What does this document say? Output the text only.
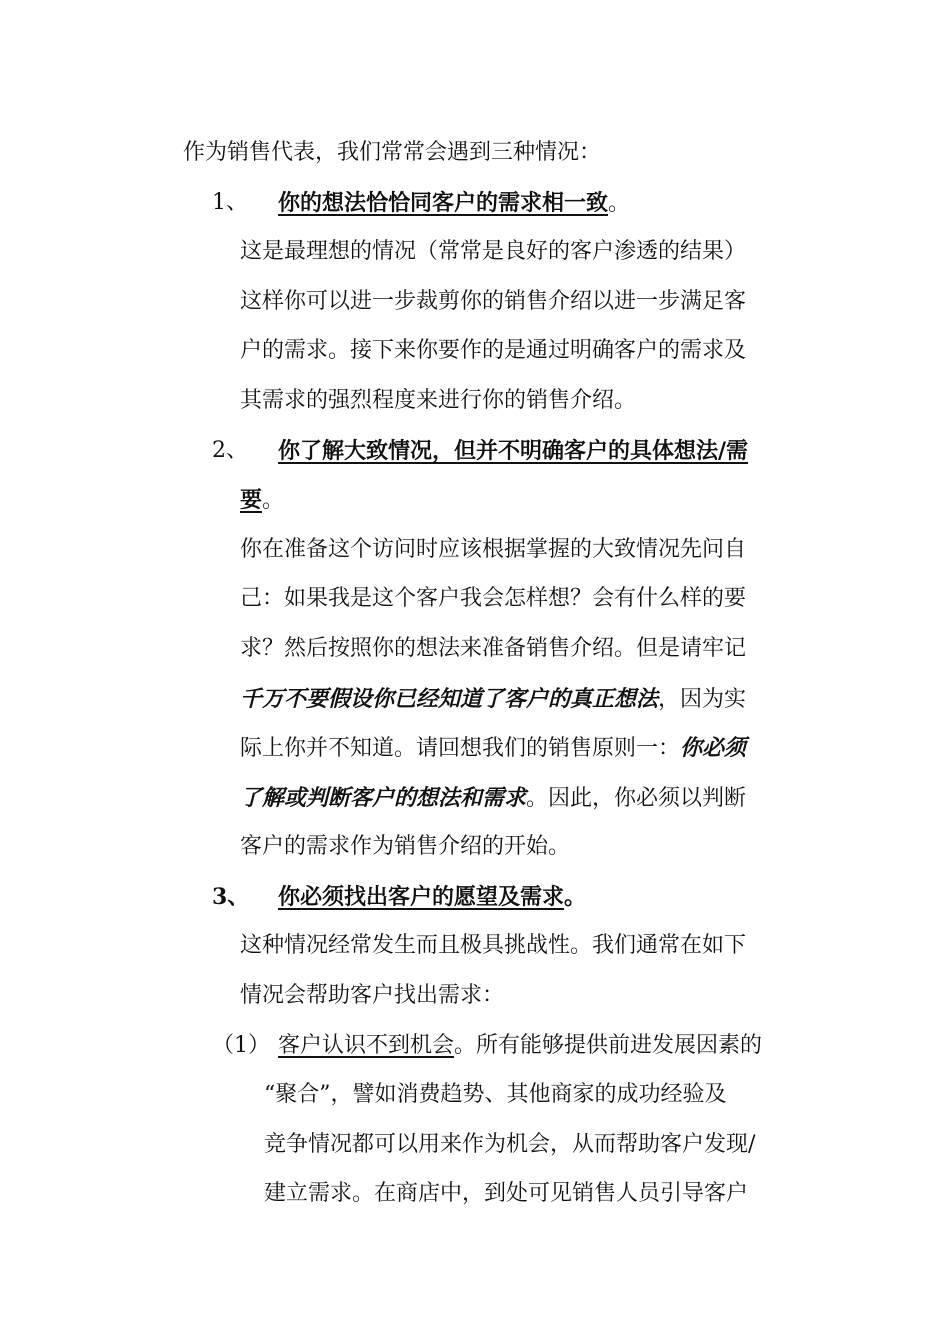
作为销售代表，我们常常会遇到三种情况：
1、 你的想法恰恰同客户的需求相一致。
这是最理想的情况（常常是良好的客户渗透的结果）
这样你可以进一步裁剪你的销售介绍以进一步满足客
户的需求。接下来你要作的是通过明确客户的需求及
其需求的强烈程度来进行你的销售介绍。
2、 你了解大致情况，但并不明确客户的具体想法/需
要。
你在准备这个访问时应该根据掌握的大致情况先问自
己：如果我是这个客户我会怎样想？会有什么样的要
求？然后按照你的想法来准备销售介绍。但是请牢记
千万不要假设你已经知道了客户的真正想法，因为实
际上你并不知道。请回想我们的销售原则一：你必须
了解或判断客户的想法和需求。因此，你必须以判断
客户的需求作为销售介绍的开始。
3、 你必须找出客户的愿望及需求。
这种情况经常发生而且极具挑战性。我们通常在如下
情况会帮助客户找出需求：
（1） 客户认识不到机会。所有能够提供前进发展因素的
“聚合”，譬如消费趋势、其他商家的成功经验及
竞争情况都可以用来作为机会，从而帮助客户发现/
建立需求。在商店中，到处可见销售人员引导客户
